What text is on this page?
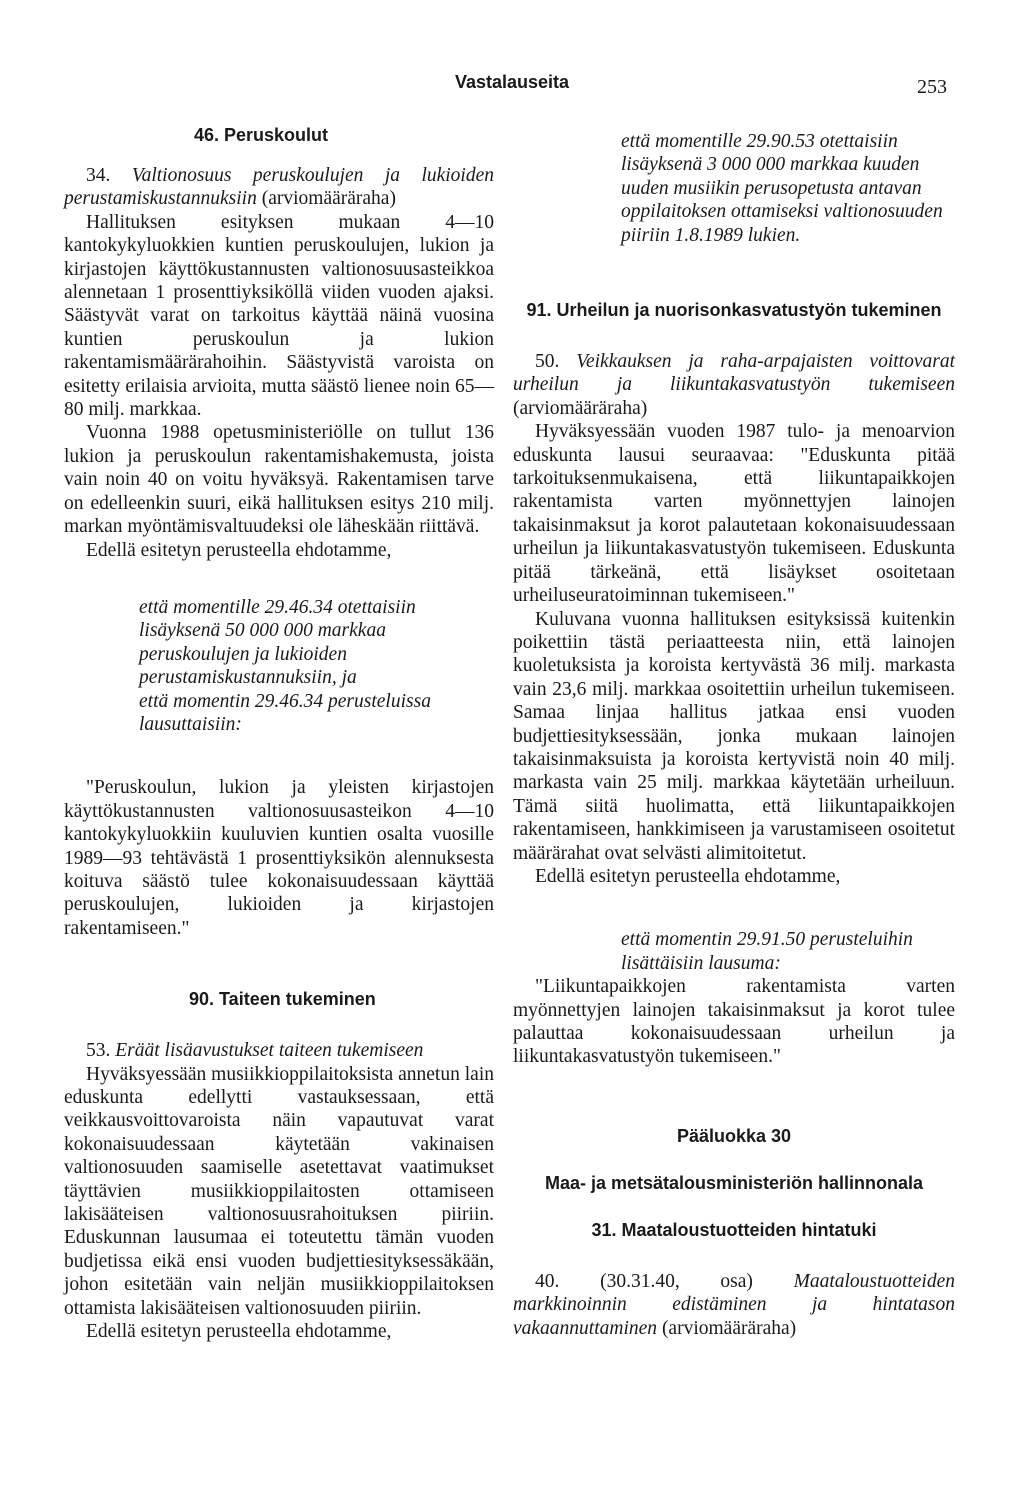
Vastalauseita	253
46. Peruskoulut

34. Valtionosuus peruskoulujen ja lukioiden perustamiskustannuksiin (arviomääräraha)

Hallituksen esityksen mukaan 4—10 kantokykyluokkien kuntien peruskoulujen, lukion ja kirjastojen käyttökustannusten valtionosuusasteikkoa alennetaan 1 prosenttiyksiköllä viiden vuoden ajaksi. Säästyvät varat on tarkoitus käyttää näinä vuosina kuntien peruskoulun ja lukion rakentamismäärärahoihin. Säästyvistä varoista on esitetty erilaisia arvioita, mutta säästö lienee noin 65—80 milj. markkaa.

Vuonna 1988 opetusministeriölle on tullut 136 lukion ja peruskoulun rakentamishakemusta, joista vain noin 40 on voitu hyväksyä. Rakentamisen tarve on edelleenkin suuri, eikä hallituksen esitys 210 milj. markan myöntämisvaltuudeksi ole läheskään riittävä.

Edellä esitetyn perusteella ehdotamme,

että momentille 29.46.34 otettaisiin lisäyksenä 50 000 000 markkaa peruskoulujen ja lukioiden perustamiskustannuksiin, ja

että momentin 29.46.34 perusteluissa lausuttaisiin:

"Peruskoulun, lukion ja yleisten kirjastojen käyttökustannusten valtionosuusasteikon 4—10 kantokykyluokkiin kuuluvien kuntien osalta vuosille 1989—93 tehtävästä 1 prosenttiyksikön alennuksesta koituva säästö tulee kokonaisuudessaan käyttää peruskoulujen, lukioiden ja kirjastojen rakentamiseen."

90. Taiteen tukeminen

53. Eräät lisäavustukset taiteen tukemiseen

Hyväksyessään musiikkioppilaitoksista annetun lain eduskunta edellytti vastauksessaan, että veikkausvoittovaroista näin vapautuvat varat kokonaisuudessaan käytetään vakinaisen valtionosuuden saamiselle asetettavat vaatimukset täyttävien musiikkioppilaitosten ottamiseen lakisääteisen valtionosuusrahoituksen piiriin. Eduskunnan lausumaa ei toteutettu tämän vuoden budjetissa eikä ensi vuoden budjettiesityksessäkään, johon esitetään vain neljän musiikkioppilaitoksen ottamista lakisääteisen valtionosuuden piiriin.

Edellä esitetyn perusteella ehdotamme,

että momentille 29.90.53 otettaisiin lisäyksenä 3 000 000 markkaa kuuden uuden musiikin perusopetusta antavan oppilaitoksen ottamiseksi valtionosuuden piiriin 1.8.1989 lukien.

91. Urheilun ja nuorisonkasvatustyön tukeminen

50. Veikkauksen ja raha-arpajaisten voittovarat urheilun ja liikuntakasvatustyön tukemiseen (arviomääräraha)

Hyväksyessään vuoden 1987 tulo- ja menoarvion eduskunta lausui seuraavaa: "Eduskunta pitää tarkoituksenmukaisena, että liikuntapaikkojen rakentamista varten myönnettyjen lainojen takaisinmaksut ja korot palautetaan kokonaisuudessaan urheilun ja liikuntakasvatustyön tukemiseen. Eduskunta pitää tärkeänä, että lisäykset osoitetaan urheiluseuratoiminnan tukemiseen."

Kuluvana vuonna hallituksen esityksissä kuitenkin poikettiin tästä periaatteesta niin, että lainojen kuoletuksista ja koroista kertyvästä 36 milj. markasta vain 23,6 milj. markkaa osoitettiin urheilun tukemiseen. Samaa linjaa hallitus jatkaa ensi vuoden budjettiesityksessään, jonka mukaan lainojen takaisinmaksuista ja koroista kertyvistä noin 40 milj. markasta vain 25 milj. markkaa käytetään urheiluun. Tämä siitä huolimatta, että liikuntapaikkojen rakentamiseen, hankkimiseen ja varustamiseen osoitetut määrärahat ovat selvästi alimitoitetut.

Edellä esitetyn perusteella ehdotamme,

että momentin 29.91.50 perusteluihin lisättäisiin lausuma:

"Liikuntapaikkojen rakentamista varten myönnettyjen lainojen takaisinmaksut ja korot tulee palauttaa kokonaisuudessaan urheilun ja liikuntakasvatustyön tukemiseen."

Pääluokka 30
Maa- ja metsätalousministeriön hallinnonala
31. Maataloustuotteiden hintatuki

40. (30.31.40, osa) Maataloustuotteiden markkinoinnin edistäminen ja hintatason vakaannuttaminen (arviomääräraha)
